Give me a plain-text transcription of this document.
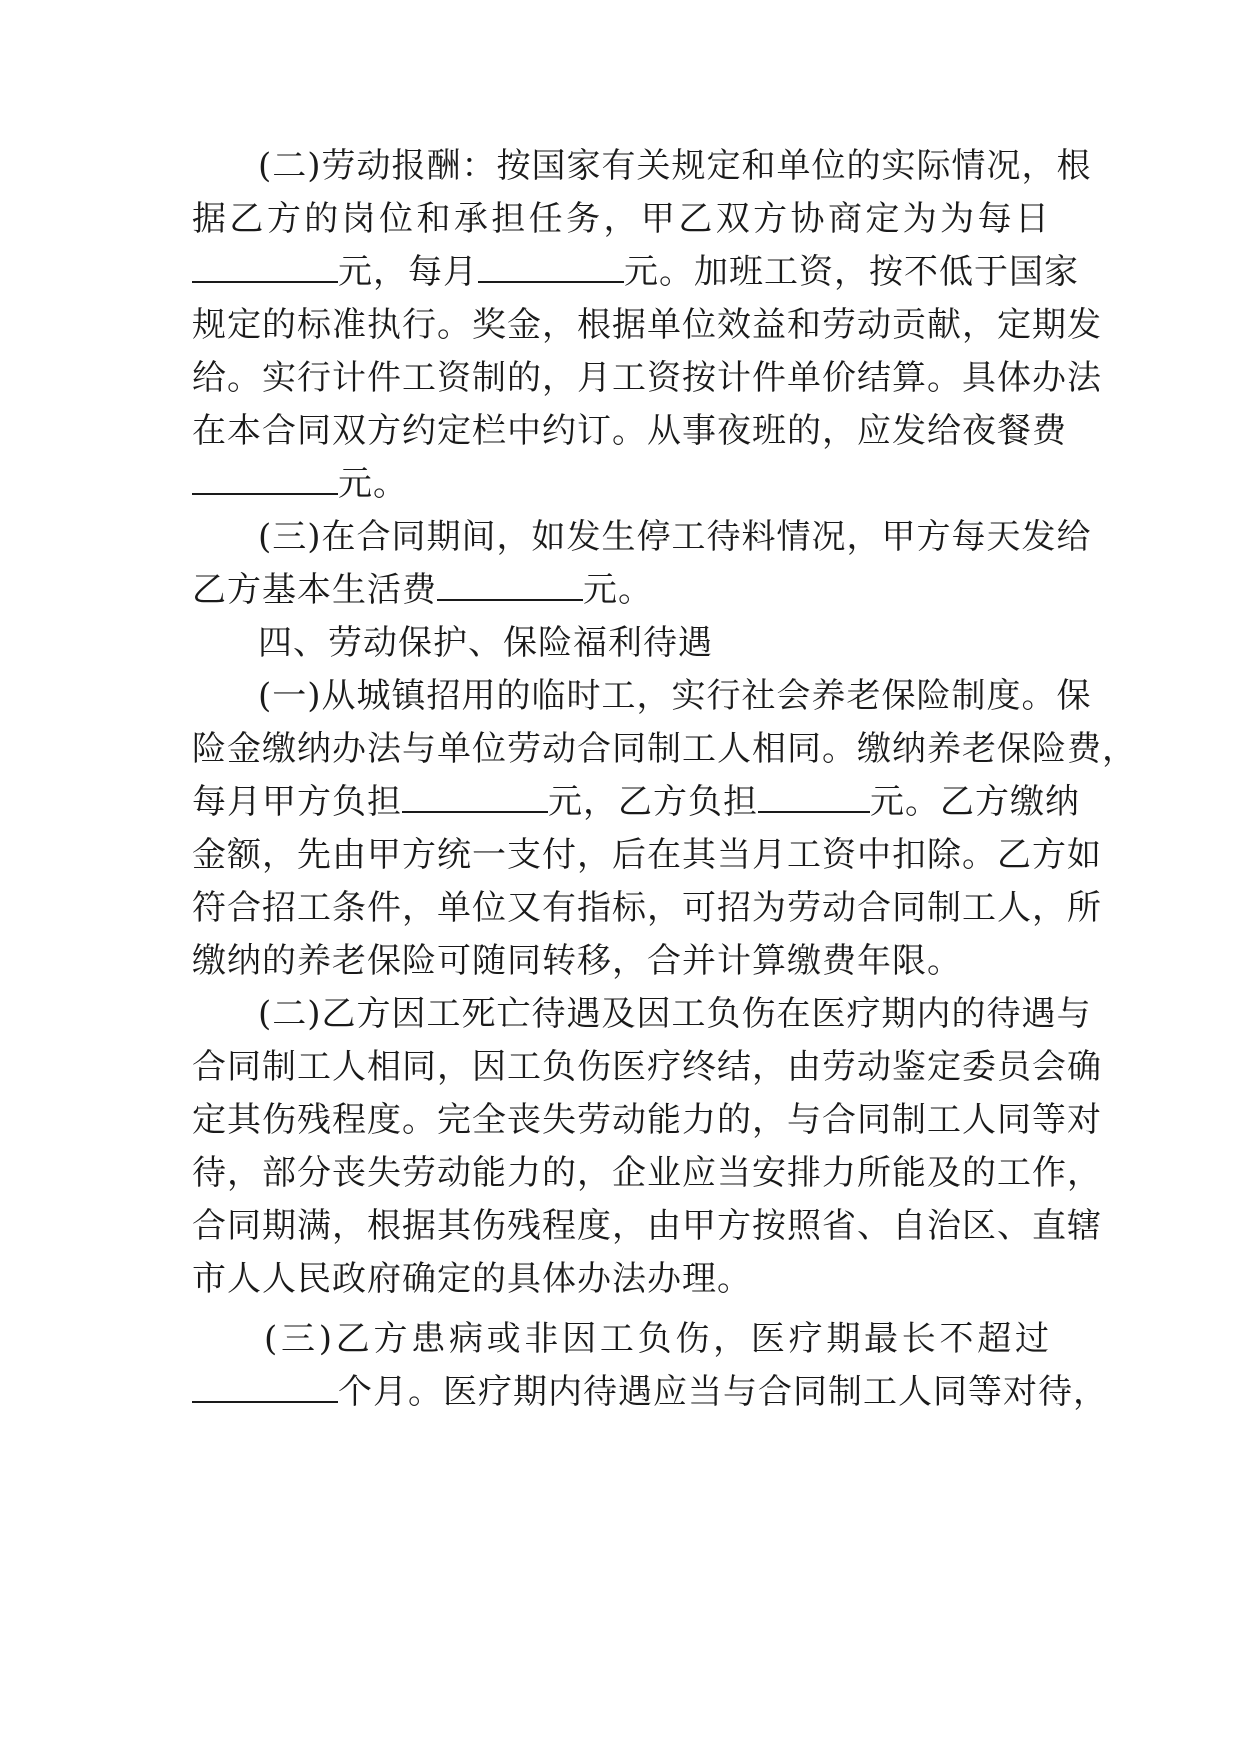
(二)劳动报酬：按国家有关规定和单位的实际情况，根
据乙方的岗位和承担任务，甲乙双方协商定为为每日
元，每月	元。加班工资，按不低于国家
规定的标准执行。奖金，根据单位效益和劳动贡献，定期发
给。实行计件工资制的，月工资按计件单价结算。具体办法
在本合同双方约定栏中约订。从事夜班的，应发给夜餐费
元。
(三)在合同期间，如发生停工待料情况，甲方每天发给
乙方基本生活费	元。
四、劳动保护、保险福利待遇
(一)从城镇招用的临时工，实行社会养老保险制度。保
险金缴纳办法与单位劳动合同制工人相同。缴纳养老保险费，
每月甲方负担	元，乙方负担	元。乙方缴纳
金额，先由甲方统一支付，后在其当月工资中扣除。乙方如
符合招工条件，单位又有指标，可招为劳动合同制工人，所
缴纳的养老保险可随同转移，合并计算缴费年限。
(二)乙方因工死亡待遇及因工负伤在医疗期内的待遇与
合同制工人相同，因工负伤医疗终结，由劳动鉴定委员会确
定其伤残程度。完全丧失劳动能力的，与合同制工人同等对
待，部分丧失劳动能力的，企业应当安排力所能及的工作，
合同期满，根据其伤残程度，由甲方按照省、自治区、直辖
市人人民政府确定的具体办法办理。
(三)乙方患病或非因工负伤，医疗期最长不超过
个月。医疗期内待遇应当与合同制工人同等对待，
